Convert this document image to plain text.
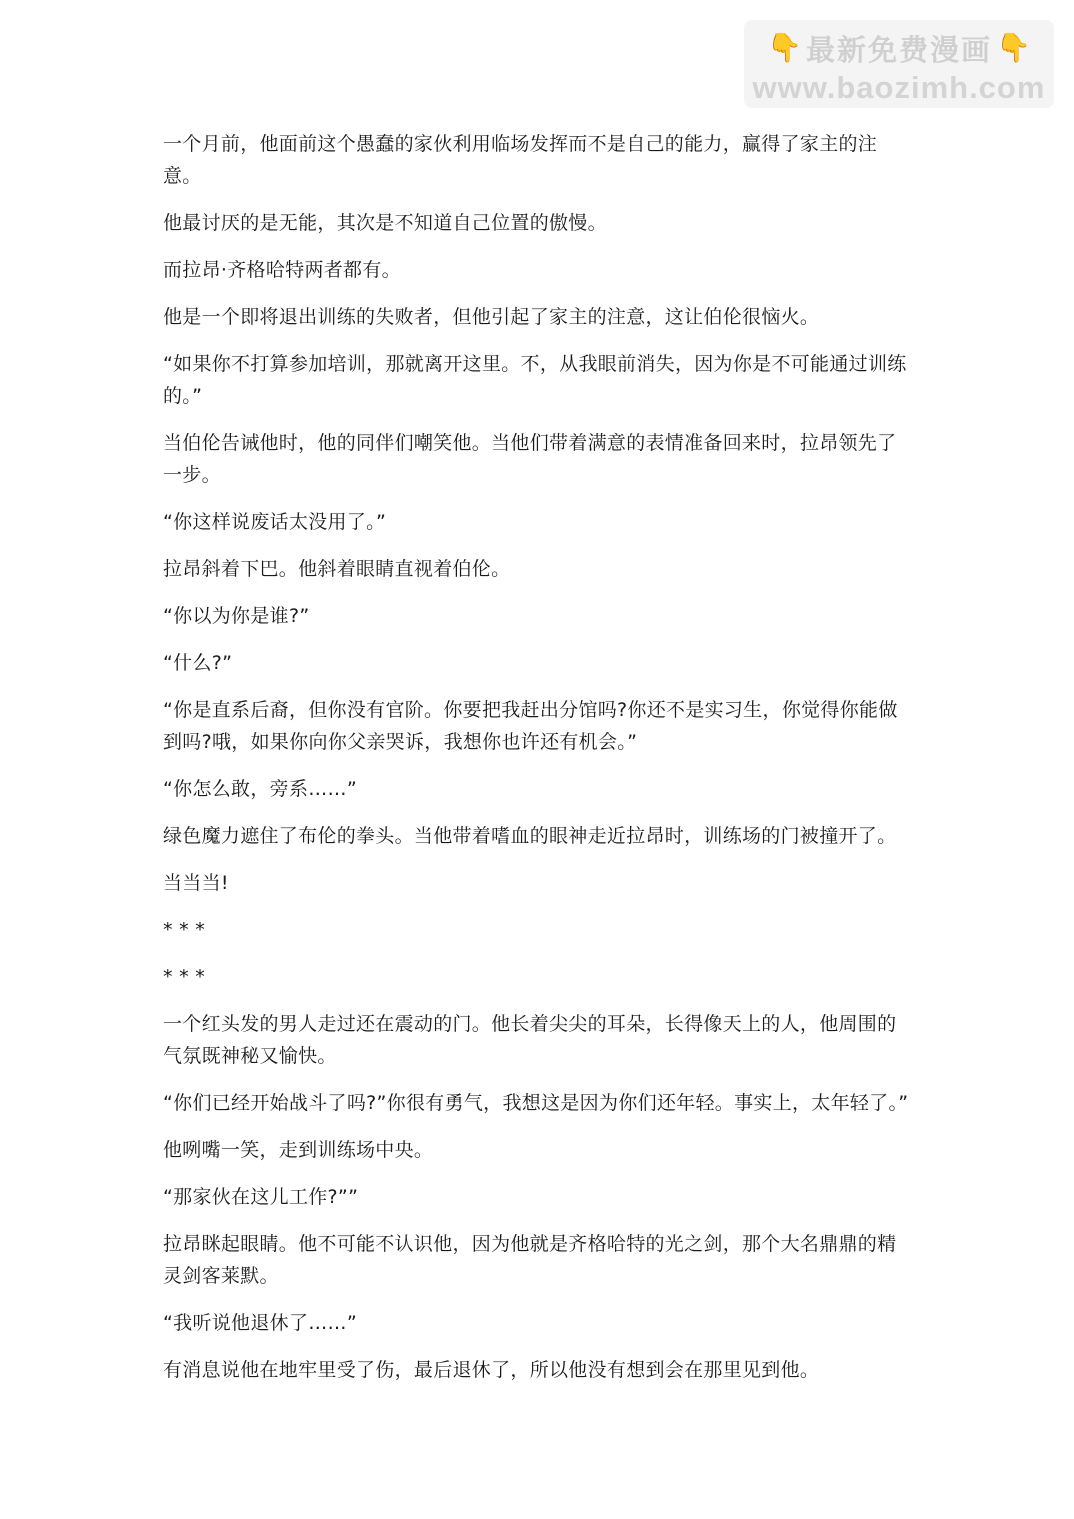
👇 最新免费漫画 👇
www.baozimh.com

一个月前，他面前这个愚蠢的家伙利用临场发挥而不是自己的能力，赢得了家主的注意。

他最讨厌的是无能，其次是不知道自己位置的傲慢。

而拉昂·齐格哈特两者都有。

他是一个即将退出训练的失败者，但他引起了家主的注意，这让伯伦很恼火。

“如果你不打算参加培训，那就离开这里。不，从我眼前消失，因为你是不可能通过训练的。”

当伯伦告诫他时，他的同伴们嘲笑他。当他们带着满意的表情准备回来时，拉昂领先了一步。

“你这样说废话太没用了。”

拉昂斜着下巴。他斜着眼睛直视着伯伦。

“你以为你是谁?”

“什么?”

“你是直系后裔，但你没有官阶。你要把我赶出分馆吗?你还不是实习生，你觉得你能做到吗?哦，如果你向你父亲哭诉，我想你也许还有机会。”

“你怎么敢，旁系……”

绿色魔力遮住了布伦的拳头。当他带着嗜血的眼神走近拉昂时，训练场的门被撞开了。

当当当!

* * *

* * *

一个红头发的男人走过还在震动的门。他长着尖尖的耳朵，长得像天上的人，他周围的气氛既神秘又愉快。

“你们已经开始战斗了吗?”你很有勇气，我想这是因为你们还年轻。事实上，太年轻了。”

他咧嘴一笑，走到训练场中央。

“那家伙在这儿工作?””

拉昂眯起眼睛。他不可能不认识他，因为他就是齐格哈特的光之剑，那个大名鼎鼎的精灵剑客莱默。

“我听说他退休了……”

有消息说他在地牢里受了伤，最后退休了，所以他没有想到会在那里见到他。
